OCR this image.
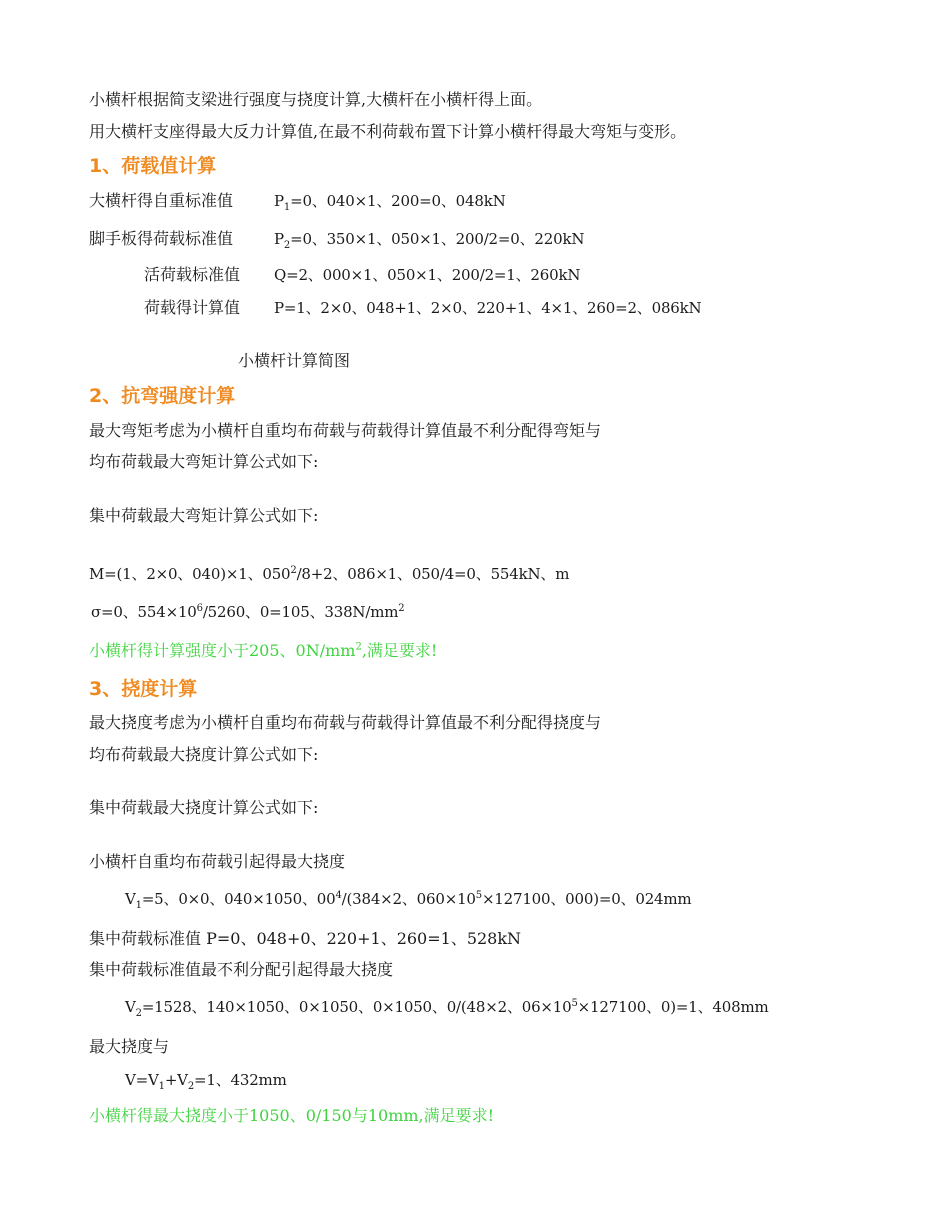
小横杆根据简支梁进行强度与挠度计算,大横杆在小横杆得上面。
用大横杆支座得最大反力计算值,在最不利荷载布置下计算小横杆得最大弯矩与变形。
1、荷载值计算
大横杆得自重标准值	$P_1=0$、040×1、200=0、048kN
脚手板得荷载标准值	$P_2=0$、350×1、050×1、200/2=0、220kN
活荷载标准值 Q=2、000×1、050×1、200/2=1、260kN
荷载得计算值 P=1、2×0、048+1、2×0、220+1、4×1、260=2、086kN
小横杆计算简图
2、抗弯强度计算
最大弯矩考虑为小横杆自重均布荷载与荷载得计算值最不利分配得弯矩与
均布荷载最大弯矩计算公式如下:
集中荷载最大弯矩计算公式如下:
M=(1、2×0、040)×1、$050^2/8+2$、086×1、050/4=0、554kN、m
σ=0、$554\times 10^6/5260$、0=105、$338N/mm^2$
小横杆得计算强度小于205、$0N/mm^2$,满足要求!
3、挠度计算
最大挠度考虑为小横杆自重均布荷载与荷载得计算值最不利分配得挠度与
均布荷载最大挠度计算公式如下:
集中荷载最大挠度计算公式如下:
小横杆自重均布荷载引起得最大挠度
$V_1=5$、0×0、040×1050、$00^4/(384\times 2$、$060\times 10^5\times 127100$、000)=0、024mm
集中荷载标准值 P=0、048+0、220+1、260=1、528kN
集中荷载标准值最不利分配引起得最大挠度
$V_2=1528$、140×1050、0×1050、0×1050、0/(48×2、$06\times 10^5\times 127100$、0)=1、408mm
最大挠度与
$V=V_1+V_2=1$、432mm
小横杆得最大挠度小于1050、0/150与10mm,满足要求!
